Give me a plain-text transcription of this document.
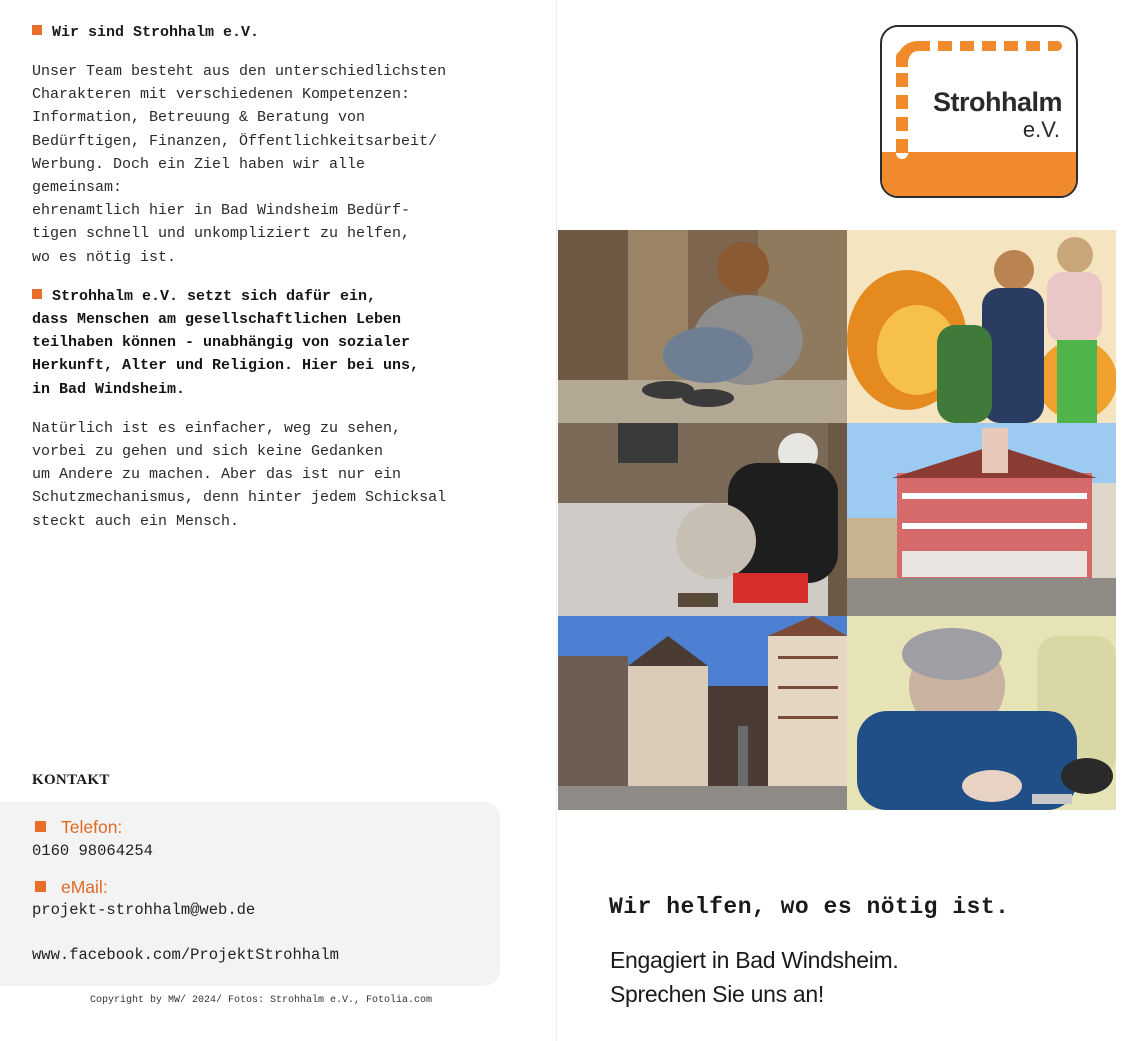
Wir sind Strohhalm e.V.

Unser Team besteht aus den unterschiedlichsten
Charakteren mit verschiedenen Kompetenzen:
Information, Betreuung & Beratung von
Bedürftigen, Finanzen, Öffentlichkeitsarbeit/
Werbung. Doch ein Ziel haben wir alle
gemeinsam:
ehrenamtlich hier in Bad Windsheim Bedürf-
tigen schnell und unkompliziert zu helfen,
wo es nötig ist.

Strohhalm e.V. setzt sich dafür ein,
dass Menschen am gesellschaftlichen Leben
teilhaben können - unabhängig von sozialer
Herkunft, Alter und Religion. Hier bei uns,
in Bad Windsheim.

Natürlich ist es einfacher, weg zu sehen,
vorbei zu gehen und sich keine Gedanken
um Andere zu machen. Aber das ist nur ein
Schutzmechanismus, denn hinter jedem Schicksal
steckt auch ein Mensch.

KONTAKT
Telefon:
0160 98064254
eMail:
projekt-strohhalm@web.de
www.facebook.com/ProjektStrohhalm
Copyright by MW/ 2024/ Fotos: Strohhalm e.V., Fotolia.com
Strohhalm
e.V.
Wir helfen, wo es nötig ist.
Engagiert in Bad Windsheim.
Sprechen Sie uns an!
